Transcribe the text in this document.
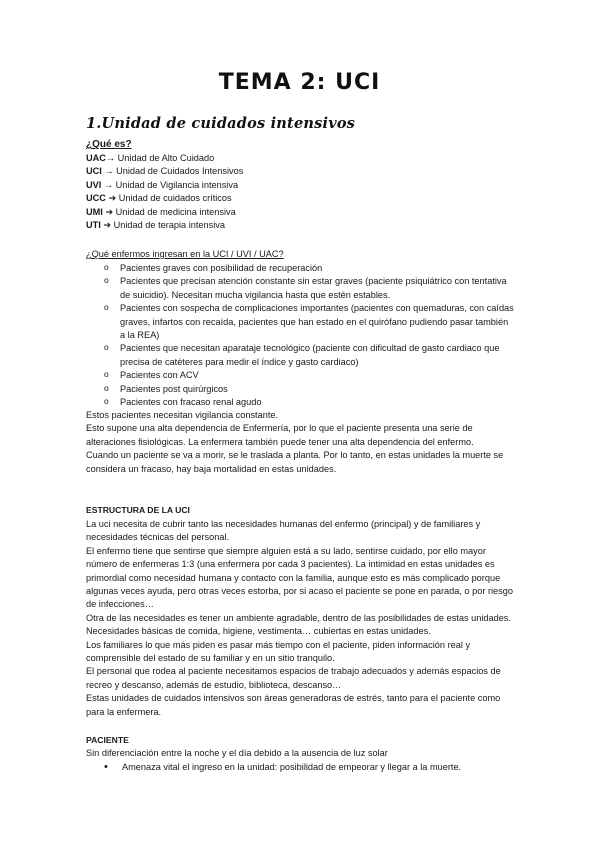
TEMA 2: UCI
1.Unidad de cuidados intensivos
¿Qué es?
UAC→ Unidad de Alto Cuidado
UCI → Unidad de Cuidados Intensivos
UVI → Unidad de Vigilancia intensiva
UCC ➔ Unidad de cuidados críticos
UMI ➔ Unidad de medicina intensiva
UTI ➔ Unidad de terapia intensiva
¿Qué enfermos ingresan en la UCI / UVI / UAC?
o Pacientes graves con posibilidad de recuperación
o Pacientes que precisan atención constante sin estar graves (paciente psiquiátrico con tentativa de suicidio). Necesitan mucha vigilancia hasta que estén estables.
o Pacientes con sospecha de complicaciones importantes (pacientes con quemaduras, con caídas graves, infartos con recaída, pacientes que han estado en el quirófano pudiendo pasar también a la REA)
o Pacientes que necesitan aparataje tecnológico (paciente con dificultad de gasto cardiaco que precisa de catéteres para medir el índice y gasto cardiaco)
o Pacientes con ACV
o Pacientes post quirúrgicos
o Pacientes con fracaso renal agudo

Estos pacientes necesitan vigilancia constante.

Esto supone una alta dependencia de Enfermería, por lo que el paciente presenta una serie de alteraciones fisiológicas. La enfermera también puede tener una alta dependencia del enfermo.

Cuando un paciente se va a morir, se le traslada a planta. Por lo tanto, en estas unidades la muerte se considera un fracaso, hay baja mortalidad en estas unidades.

ESTRUCTURA DE LA UCI

La uci necesita de cubrir tanto las necesidades humanas del enfermo (principal) y de familiares y necesidades técnicas del personal.

El enfermo tiene que sentirse que siempre alguien está a su lado, sentirse cuidado, por ello mayor número de enfermeras 1:3 (una enfermera por cada 3 pacientes). La intimidad en estas unidades es primordial como necesidad humana y contacto con la familia, aunque esto es más complicado porque algunas veces ayuda, pero otras veces estorba, por si acaso el paciente se pone en parada, o por riesgo de infecciones…

Otra de las necesidades es tener un ambiente agradable, dentro de las posibilidades de estas unidades. Necesidades básicas de comida, higiene, vestimenta… cubiertas en estas unidades.

Los familiares lo que más piden es pasar más tiempo con el paciente, piden información real y comprensible del estado de su familiar y en un sitio tranquilo.

El personal que rodea al paciente necesitamos espacios de trabajo adecuados y además espacios de recreo y descanso, además de estudio, biblioteca, descanso…

Estas unidades de cuidados intensivos son áreas generadoras de estrés, tanto para el paciente como para la enfermera.

PACIENTE
Sin diferenciación entre la noche y el día debido a la ausencia de luz solar
• Amenaza vital el ingreso en la unidad: posibilidad de empeorar y llegar a la muerte.
